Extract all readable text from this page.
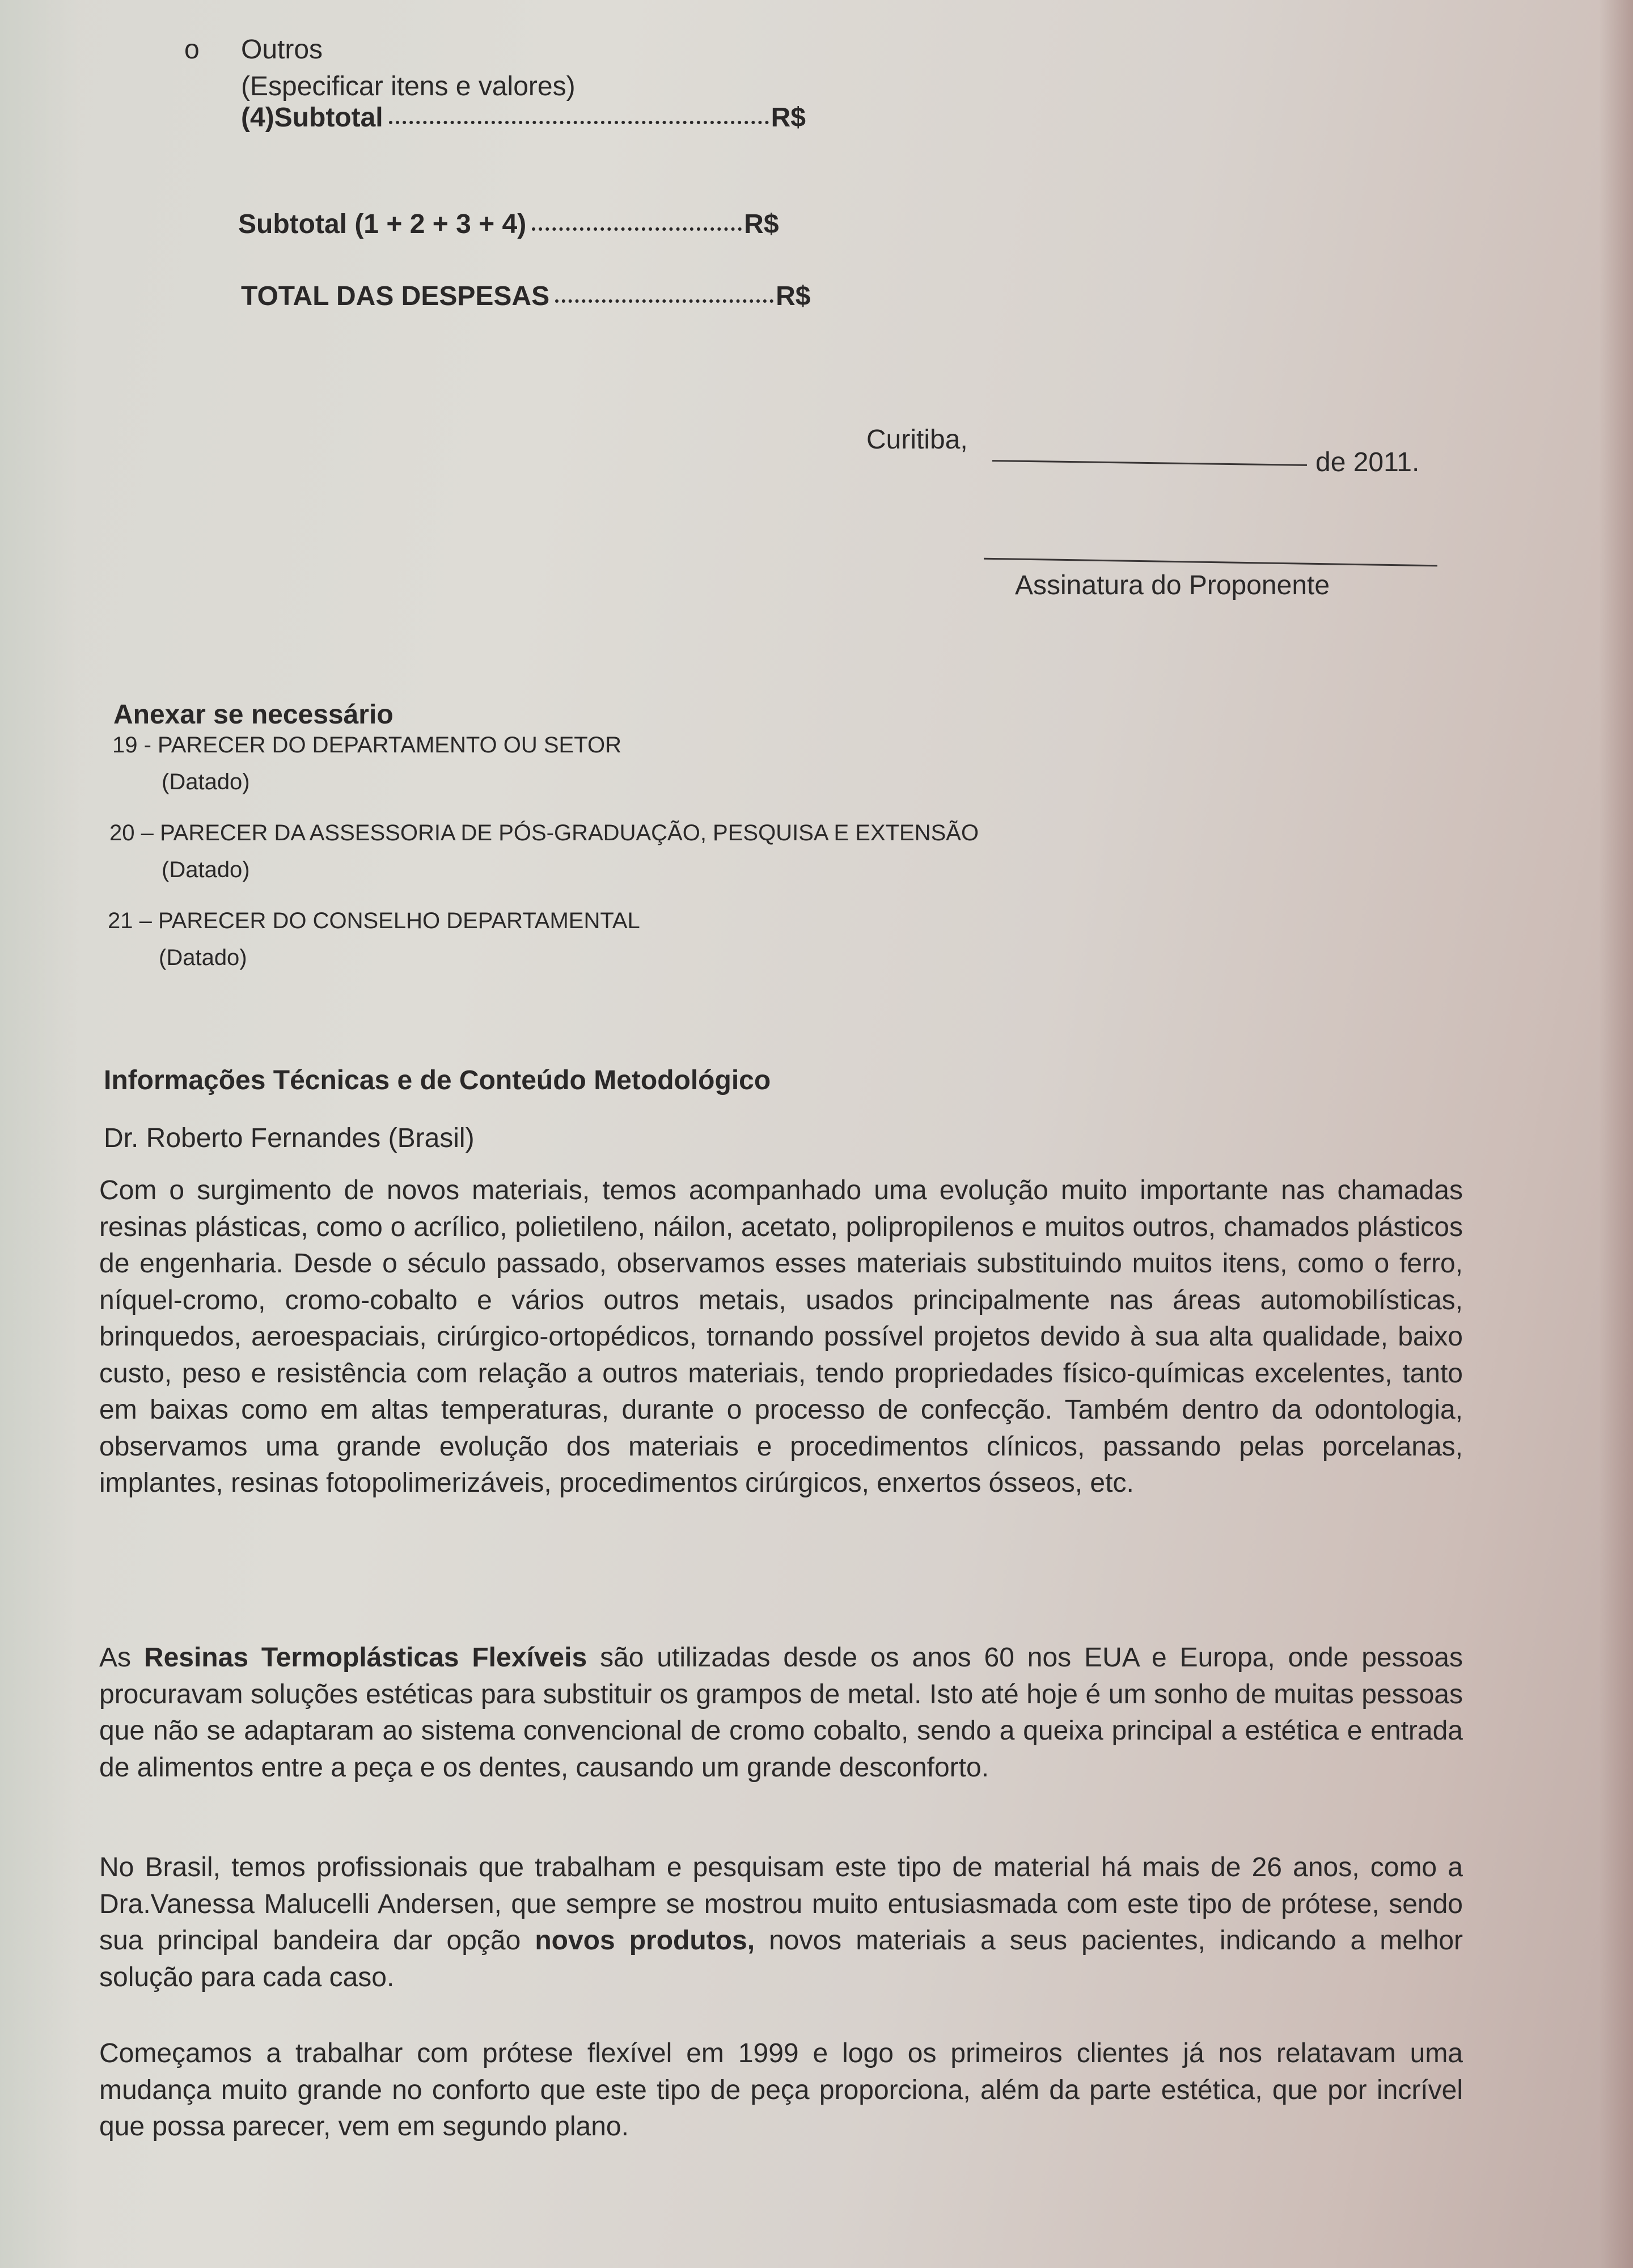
o Outros
(Especificar itens e valores)
(4)Subtotal	R$
Subtotal (1 + 2 + 3 + 4)	R$
TOTAL DAS DESPESAS	R$
Curitiba,
de 2011.
Assinatura do Proponente
Anexar se necessário
19 - PARECER DO DEPARTAMENTO OU SETOR
(Datado)
20 – PARECER DA ASSESSORIA DE PÓS-GRADUAÇÃO, PESQUISA E EXTENSÃO
(Datado)
21 – PARECER DO CONSELHO DEPARTAMENTAL
(Datado)
Informações Técnicas e de Conteúdo Metodológico
Dr. Roberto Fernandes (Brasil)

Com o surgimento de novos materiais, temos acompanhado uma evolução muito importante nas chamadas resinas plásticas, como o acrílico, polietileno, náilon, acetato, polipropilenos e muitos outros, chamados plásticos de engenharia. Desde o século passado, observamos esses materiais substituindo muitos itens, como o ferro, níquel-cromo, cromo-cobalto e vários outros metais, usados principalmente nas áreas automobilísticas, brinquedos, aeroespaciais, cirúrgico-ortopédicos, tornando possível projetos devido à sua alta qualidade, baixo custo, peso e resistência com relação a outros materiais, tendo propriedades físico-químicas excelentes, tanto em baixas como em altas temperaturas, durante o processo de confecção. Também dentro da odontologia, observamos uma grande evolução dos materiais e procedimentos clínicos, passando pelas porcelanas, implantes, resinas fotopolimerizáveis, procedimentos cirúrgicos, enxertos ósseos, etc.

As Resinas Termoplásticas Flexíveis são utilizadas desde os anos 60 nos EUA e Europa, onde pessoas procuravam soluções estéticas para substituir os grampos de metal. Isto até hoje é um sonho de muitas pessoas que não se adaptaram ao sistema convencional de cromo cobalto, sendo a queixa principal a estética e entrada de alimentos entre a peça e os dentes, causando um grande desconforto.

No Brasil, temos profissionais que trabalham e pesquisam este tipo de material há mais de 26 anos, como a Dra.Vanessa Malucelli Andersen, que sempre se mostrou muito entusiasmada com este tipo de prótese, sendo sua principal bandeira dar opção novos produtos, novos materiais a seus pacientes, indicando a melhor solução para cada caso.

Começamos a trabalhar com prótese flexível em 1999 e logo os primeiros clientes já nos relatavam uma mudança muito grande no conforto que este tipo de peça proporciona, além da parte estética, que por incrível que possa parecer, vem em segundo plano.
